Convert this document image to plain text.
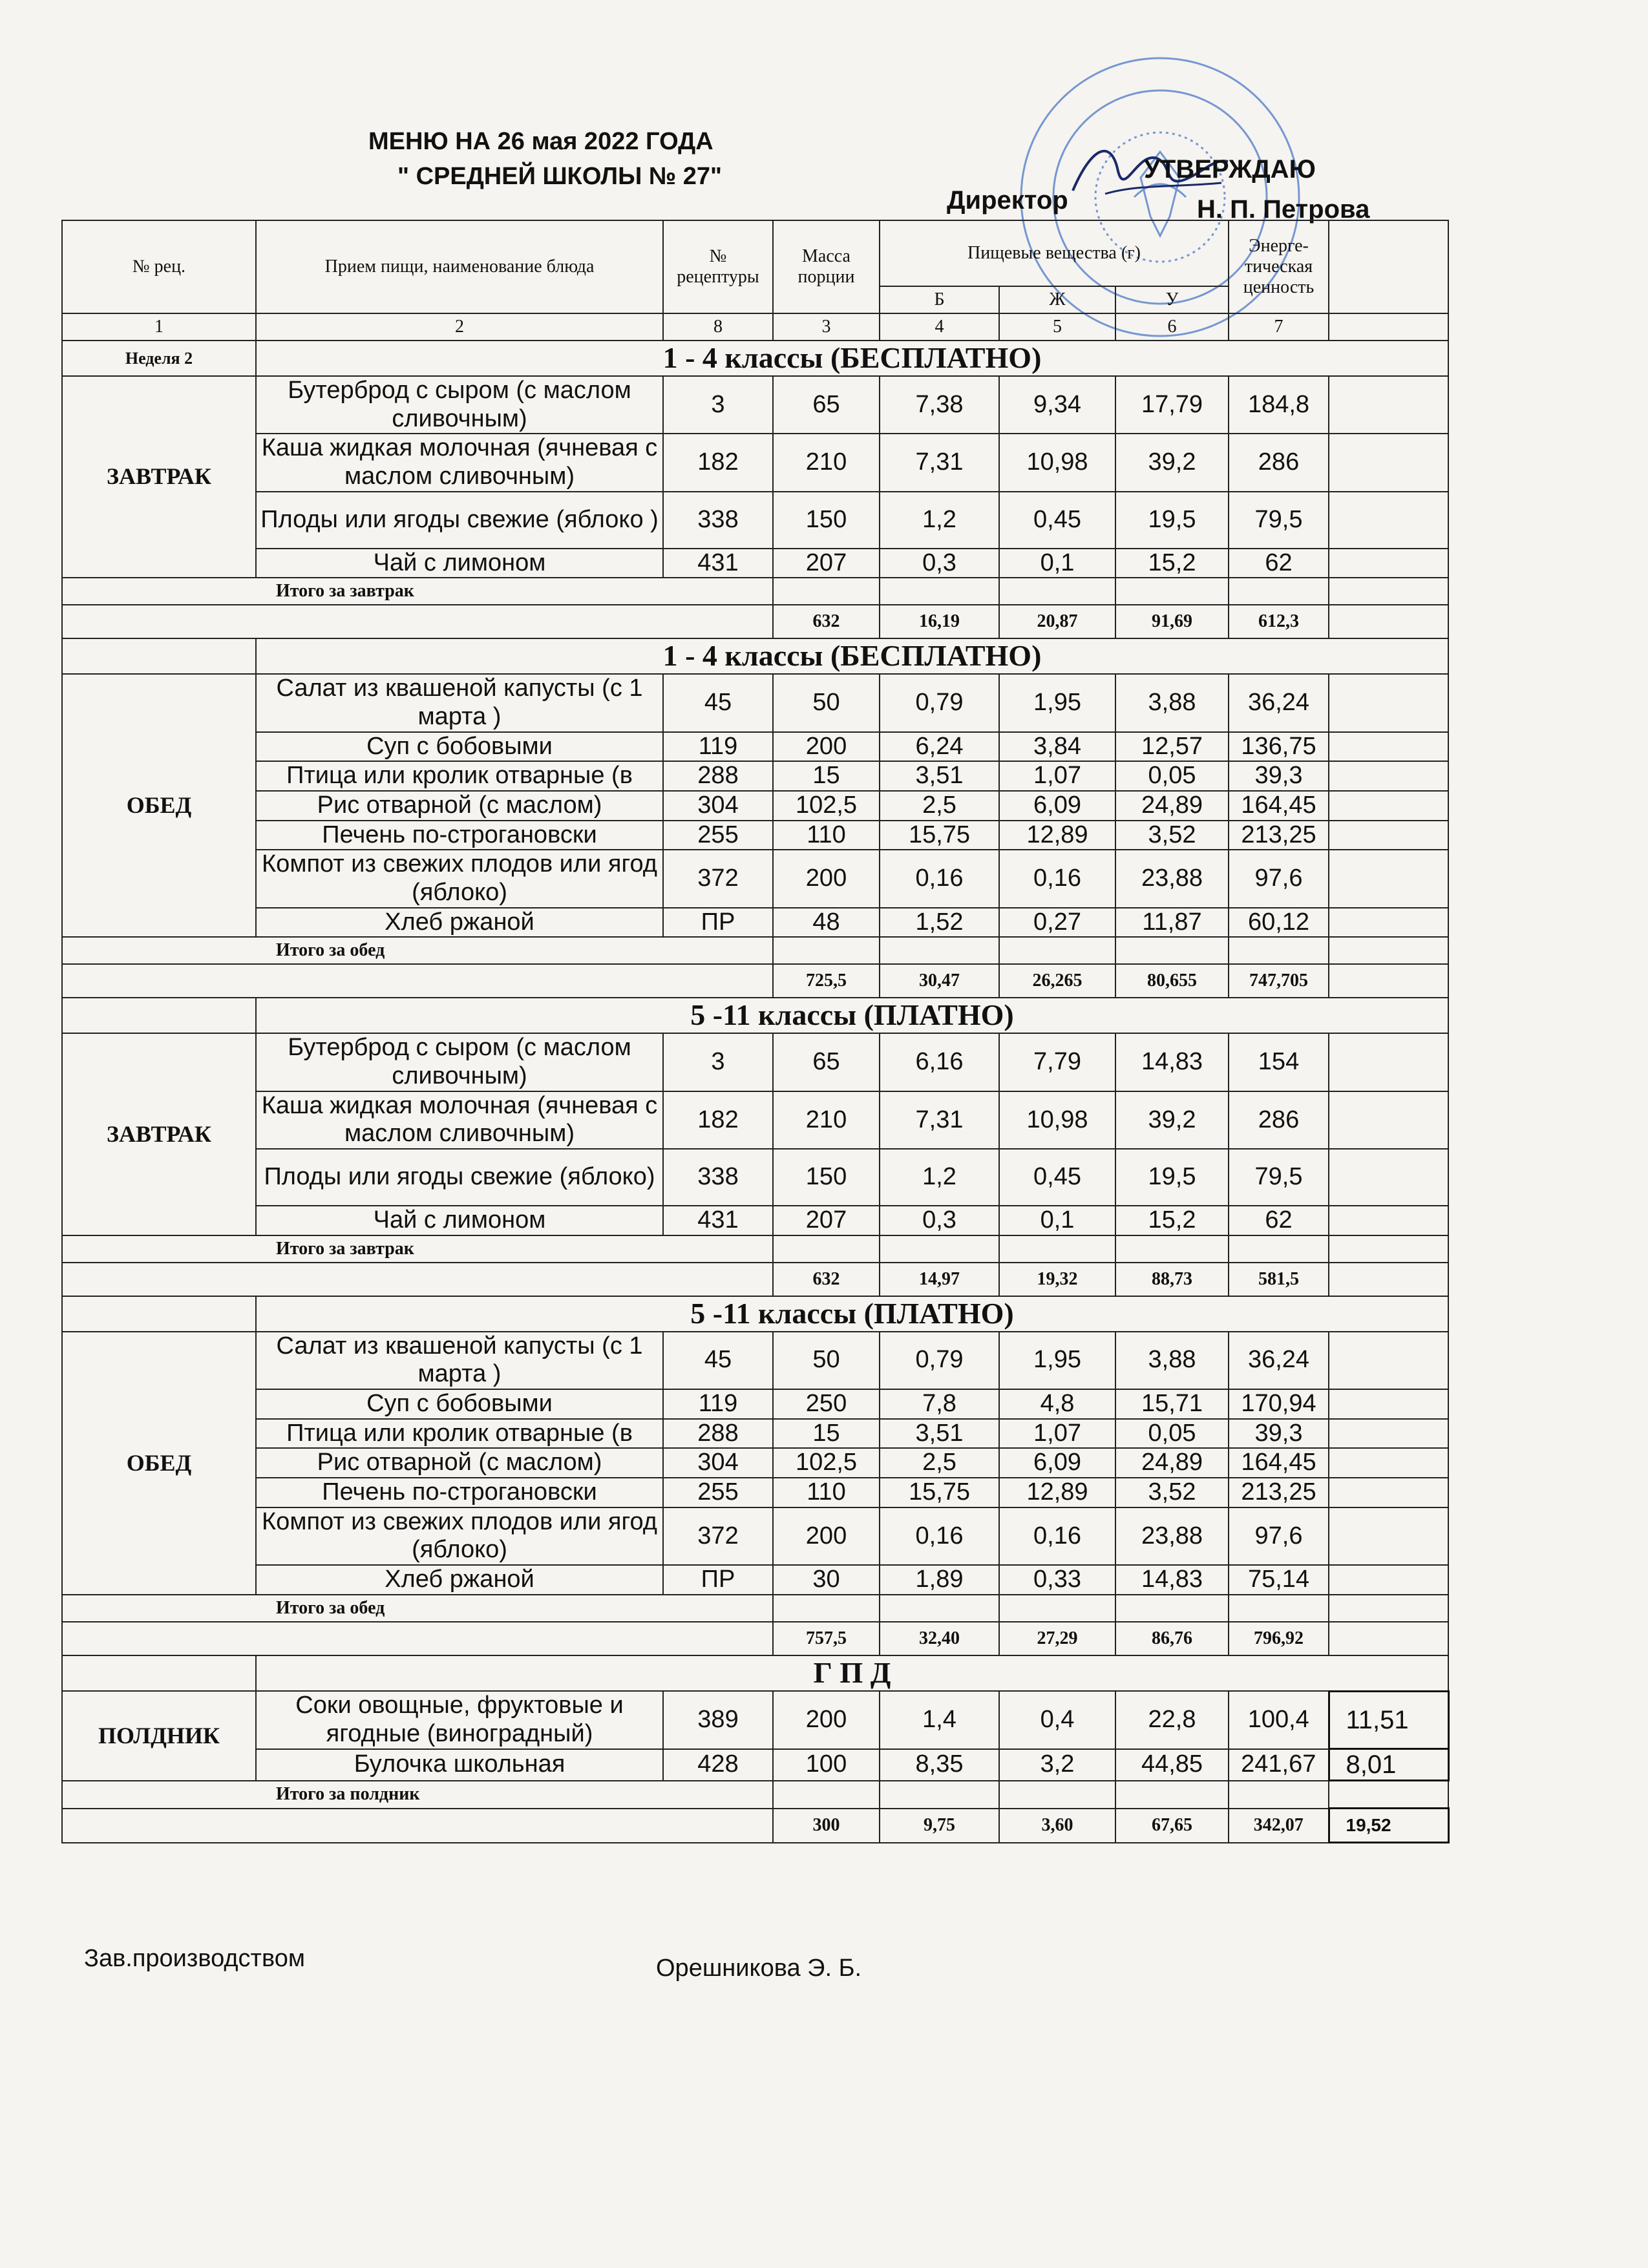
МЕНЮ НА 26 мая 2022 ГОДА
" СРЕДНЕЙ ШКОЛЫ № 27"	УТВЕРЖДАЮ
Директор	Н. П. Петрова
№ рец.	Прием пищи, наименование блюда	№ рецептуры	Масса порции	Пищевые вещества (г)			Энерге-тическая ценность	
				Б	Ж	У		
1	2	8	3	4	5	6	7	
Неделя 2	1 - 4 классы (БЕСПЛАТНО)							
ЗАВТРАК	Бутерброд с сыром (с маслом сливочным)	3	65	7,38	9,34	17,79	184,8	
	Каша жидкая молочная (ячневая с маслом сливочным)	182	210	7,31	10,98	39,2	286	
	Плоды или ягоды свежие (яблоко )	338	150	1,2	0,45	19,5	79,5	
	Чай с лимоном	431	207	0,3	0,1	15,2	62	
Итого за завтрак								
			632	16,19	20,87	91,69	612,3	
	1 - 4 классы (БЕСПЛАТНО)							
ОБЕД	Салат из квашеной капусты (с 1 марта )	45	50	0,79	1,95	3,88	36,24	
	Суп с бобовыми	119	200	6,24	3,84	12,57	136,75	
	Птица или кролик отварные (в	288	15	3,51	1,07	0,05	39,3	
	Рис отварной (с маслом)	304	102,5	2,5	6,09	24,89	164,45	
	Печень по-строгановски	255	110	15,75	12,89	3,52	213,25	
	Компот из свежих плодов или ягод (яблоко)	372	200	0,16	0,16	23,88	97,6	
	Хлеб ржаной	ПР	48	1,52	0,27	11,87	60,12	
Итого за обед								
			725,5	30,47	26,265	80,655	747,705	
	5 -11 классы (ПЛАТНО)							
ЗАВТРАК	Бутерброд с сыром (с маслом сливочным)	3	65	6,16	7,79	14,83	154	
	Каша жидкая молочная (ячневая с маслом сливочным)	182	210	7,31	10,98	39,2	286	
	Плоды или ягоды свежие (яблоко)	338	150	1,2	0,45	19,5	79,5	
	Чай с лимоном	431	207	0,3	0,1	15,2	62	
Итого за завтрак								
			632	14,97	19,32	88,73	581,5	
	5 -11 классы (ПЛАТНО)							
ОБЕД	Салат из квашеной капусты (с 1 марта )	45	50	0,79	1,95	3,88	36,24	
	Суп с бобовыми	119	250	7,8	4,8	15,71	170,94	
	Птица или кролик отварные (в	288	15	3,51	1,07	0,05	39,3	
	Рис отварной (с маслом)	304	102,5	2,5	6,09	24,89	164,45	
	Печень по-строгановски	255	110	15,75	12,89	3,52	213,25	
	Компот из свежих плодов или ягод (яблоко)	372	200	0,16	0,16	23,88	97,6	
	Хлеб ржаной	ПР	30	1,89	0,33	14,83	75,14	
Итого за обед								
			757,5	32,40	27,29	86,76	796,92	
	Г П Д							
ПОЛДНИК	Соки овощные, фруктовые и ягодные (виноградный)	389	200	1,4	0,4	22,8	100,4	11,51
	Булочка школьная	428	100	8,35	3,2	44,85	241,67	8,01
Итого за полдник								
			300	9,75	3,60	67,65	342,07	19,52
Зав.производством	Орешникова Э. Б.
